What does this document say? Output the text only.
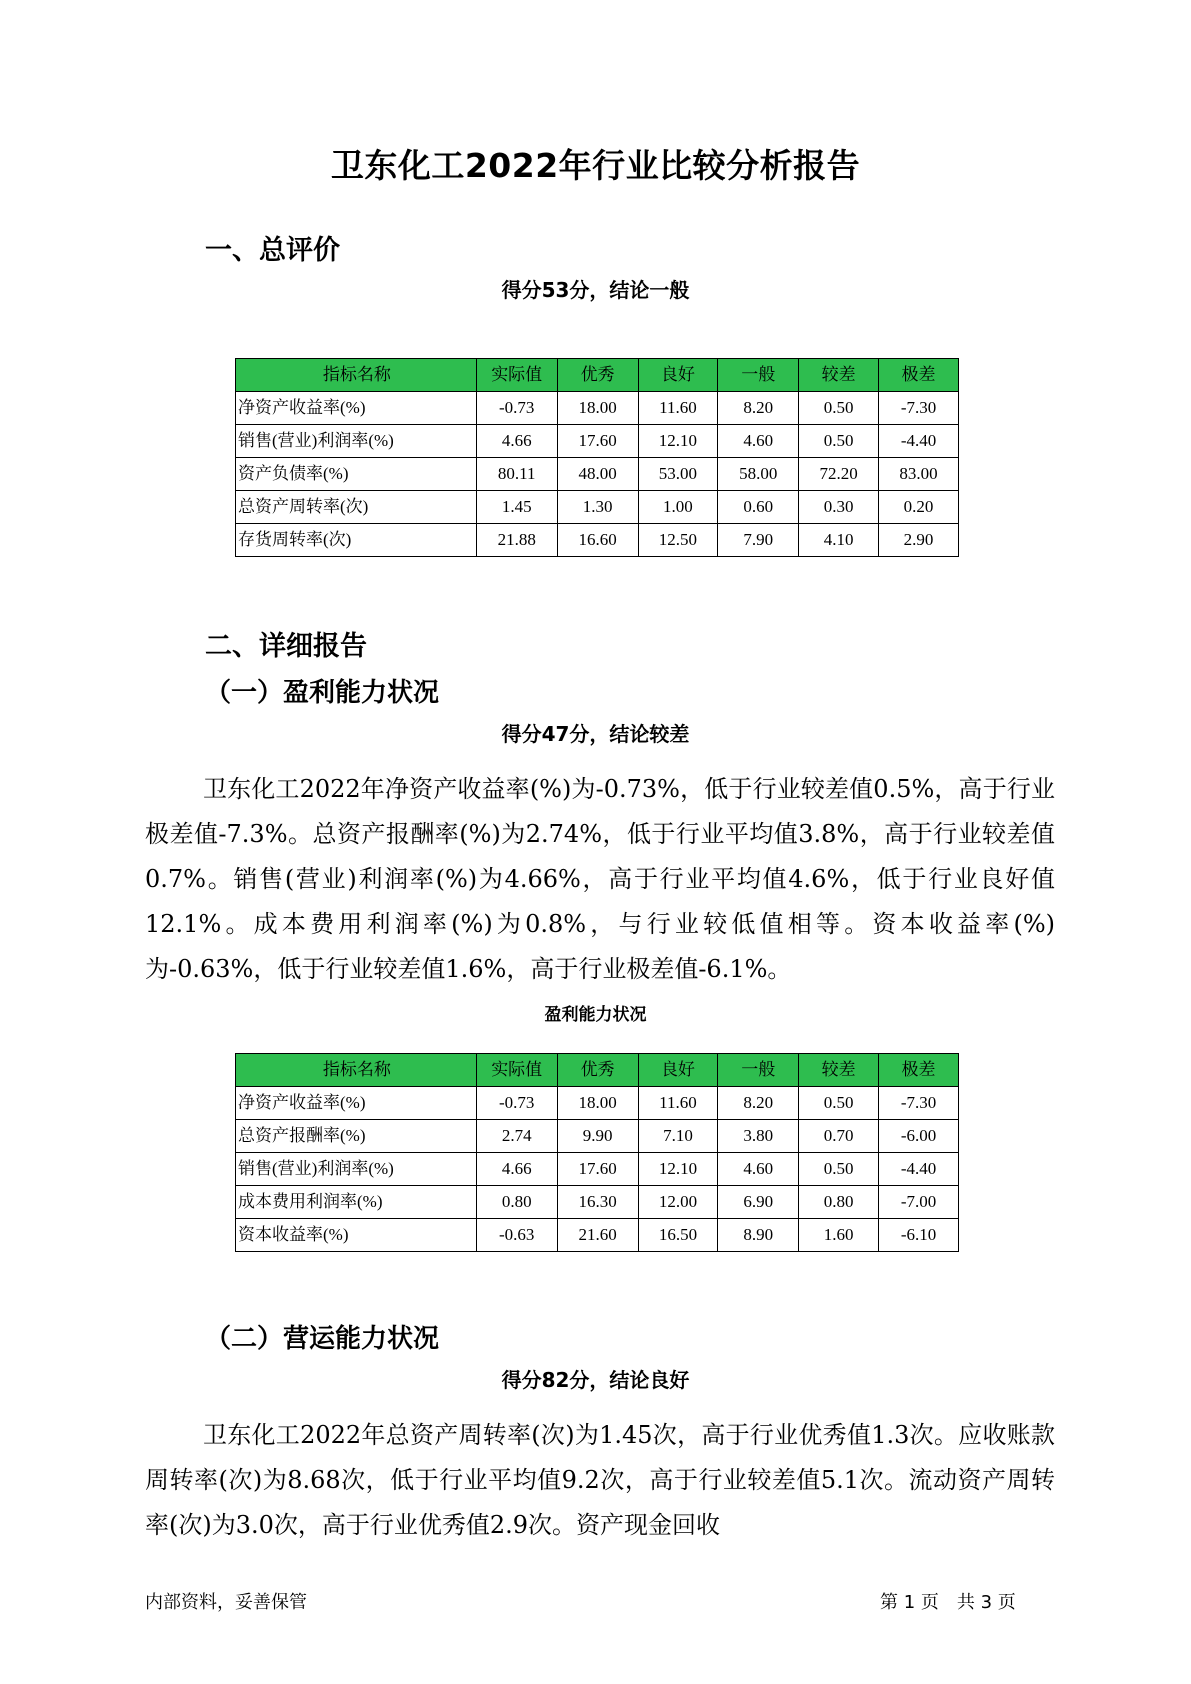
卫东化工2022年行业比较分析报告
一、总评价
得分53分，结论一般
指标名称	实际值	优秀	良好	一般	较差	极差
净资产收益率(%)	-0.73	18.00	11.60	8.20	0.50	-7.30
销售(营业)利润率(%)	4.66	17.60	12.10	4.60	0.50	-4.40
资产负债率(%)	80.11	48.00	53.00	58.00	72.20	83.00
总资产周转率(次)	1.45	1.30	1.00	0.60	0.30	0.20
存货周转率(次)	21.88	16.60	12.50	7.90	4.10	2.90
二、详细报告
（一）盈利能力状况
得分47分，结论较差

卫东化工2022年净资产收益率(%)为-0.73%，低于行业较差值0.5%，高于行业极差值-7.3%。总资产报酬率(%)为2.74%，低于行业平均值3.8%，高于行业较差值0.7%。销售(营业)利润率(%)为4.66%，高于行业平均值4.6%，低于行业良好值12.1%。成本费用利润率(%)为0.8%，与行业较低值相等。资本收益率(%)为-0.63%，低于行业较差值1.6%，高于行业极差值-6.1%。

盈利能力状况
指标名称	实际值	优秀	良好	一般	较差	极差
净资产收益率(%)	-0.73	18.00	11.60	8.20	0.50	-7.30
总资产报酬率(%)	2.74	9.90	7.10	3.80	0.70	-6.00
销售(营业)利润率(%)	4.66	17.60	12.10	4.60	0.50	-4.40
成本费用利润率(%)	0.80	16.30	12.00	6.90	0.80	-7.00
资本收益率(%)	-0.63	21.60	16.50	8.90	1.60	-6.10
（二）营运能力状况
得分82分，结论良好

卫东化工2022年总资产周转率(次)为1.45次，高于行业优秀值1.3次。应收账款周转率(次)为8.68次，低于行业平均值9.2次，高于行业较差值5.1次。流动资产周转率(次)为3.0次，高于行业优秀值2.9次。资产现金回收

内部资料，妥善保管	第 1 页　共 3 页
